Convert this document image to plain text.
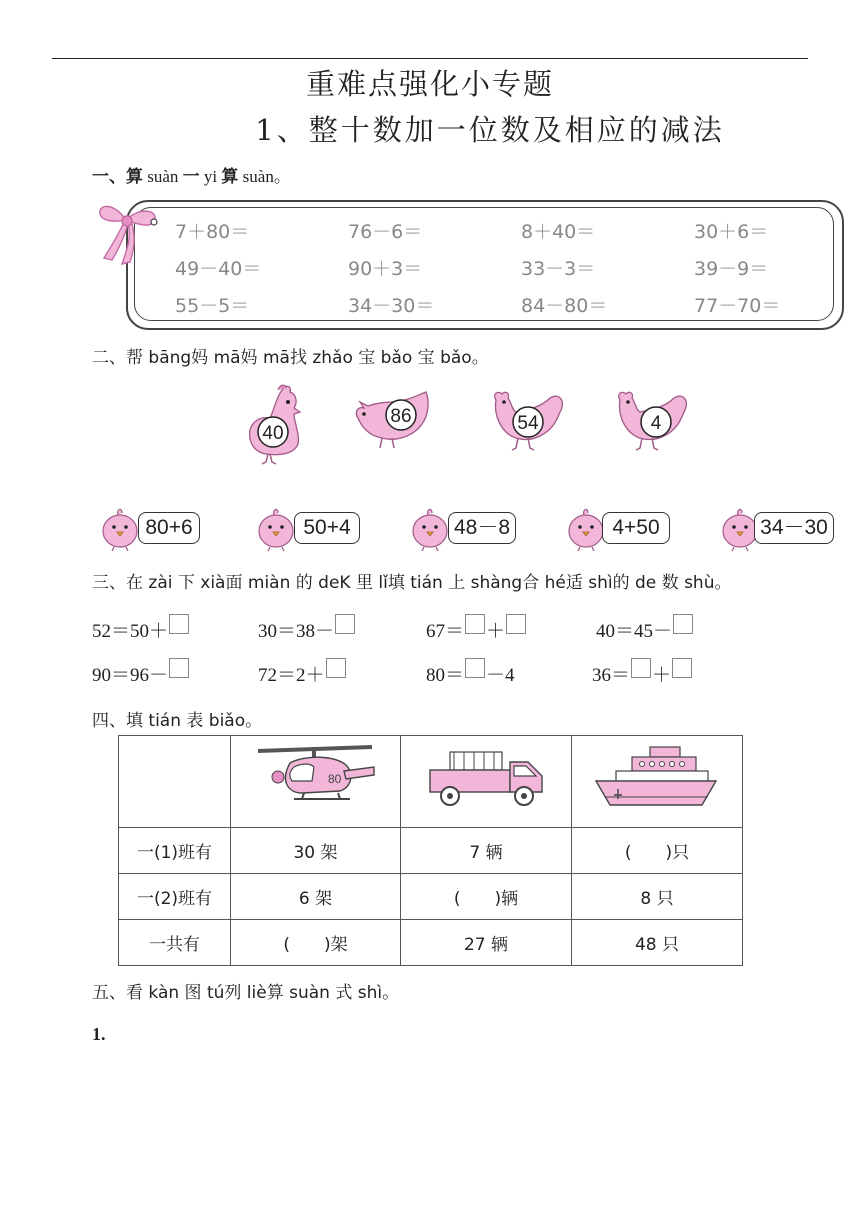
重难点强化小专题
1、整十数加一位数及相应的减法
一、算 suàn 一 yi 算 suàn。
7＋80＝	76－6＝	8＋40＝	30＋6＝
49－40＝	90＋3＝	33－3＝	39－9＝
55－5＝	34－30＝	84－80＝	77－70＝
二、帮 bāng妈 mā妈 mā找 zhǎo 宝 bǎo 宝 bǎo。
40
86	54	4
80+6	50+4	48－8	4+50	34－30
三、在 zài 下 xià面 miàn 的 deK 里 lǐ填 tián 上 shàng合 hé适 shì的 de 数 shù。
52＝50＋	30＝38－	67＝ ＋	40＝45－
90＝96－	72＝2＋	80＝ －4	36＝ ＋
四、填 tián 表 biǎo。

80

一(1)班有	30 架	7 辆	(　　)只
一(2)班有	6 架	(　　)辆	8 只
一共有	(　　)架	27 辆	48 只
五、看 kàn 图 tú列 liè算 suàn 式 shì。
1.
